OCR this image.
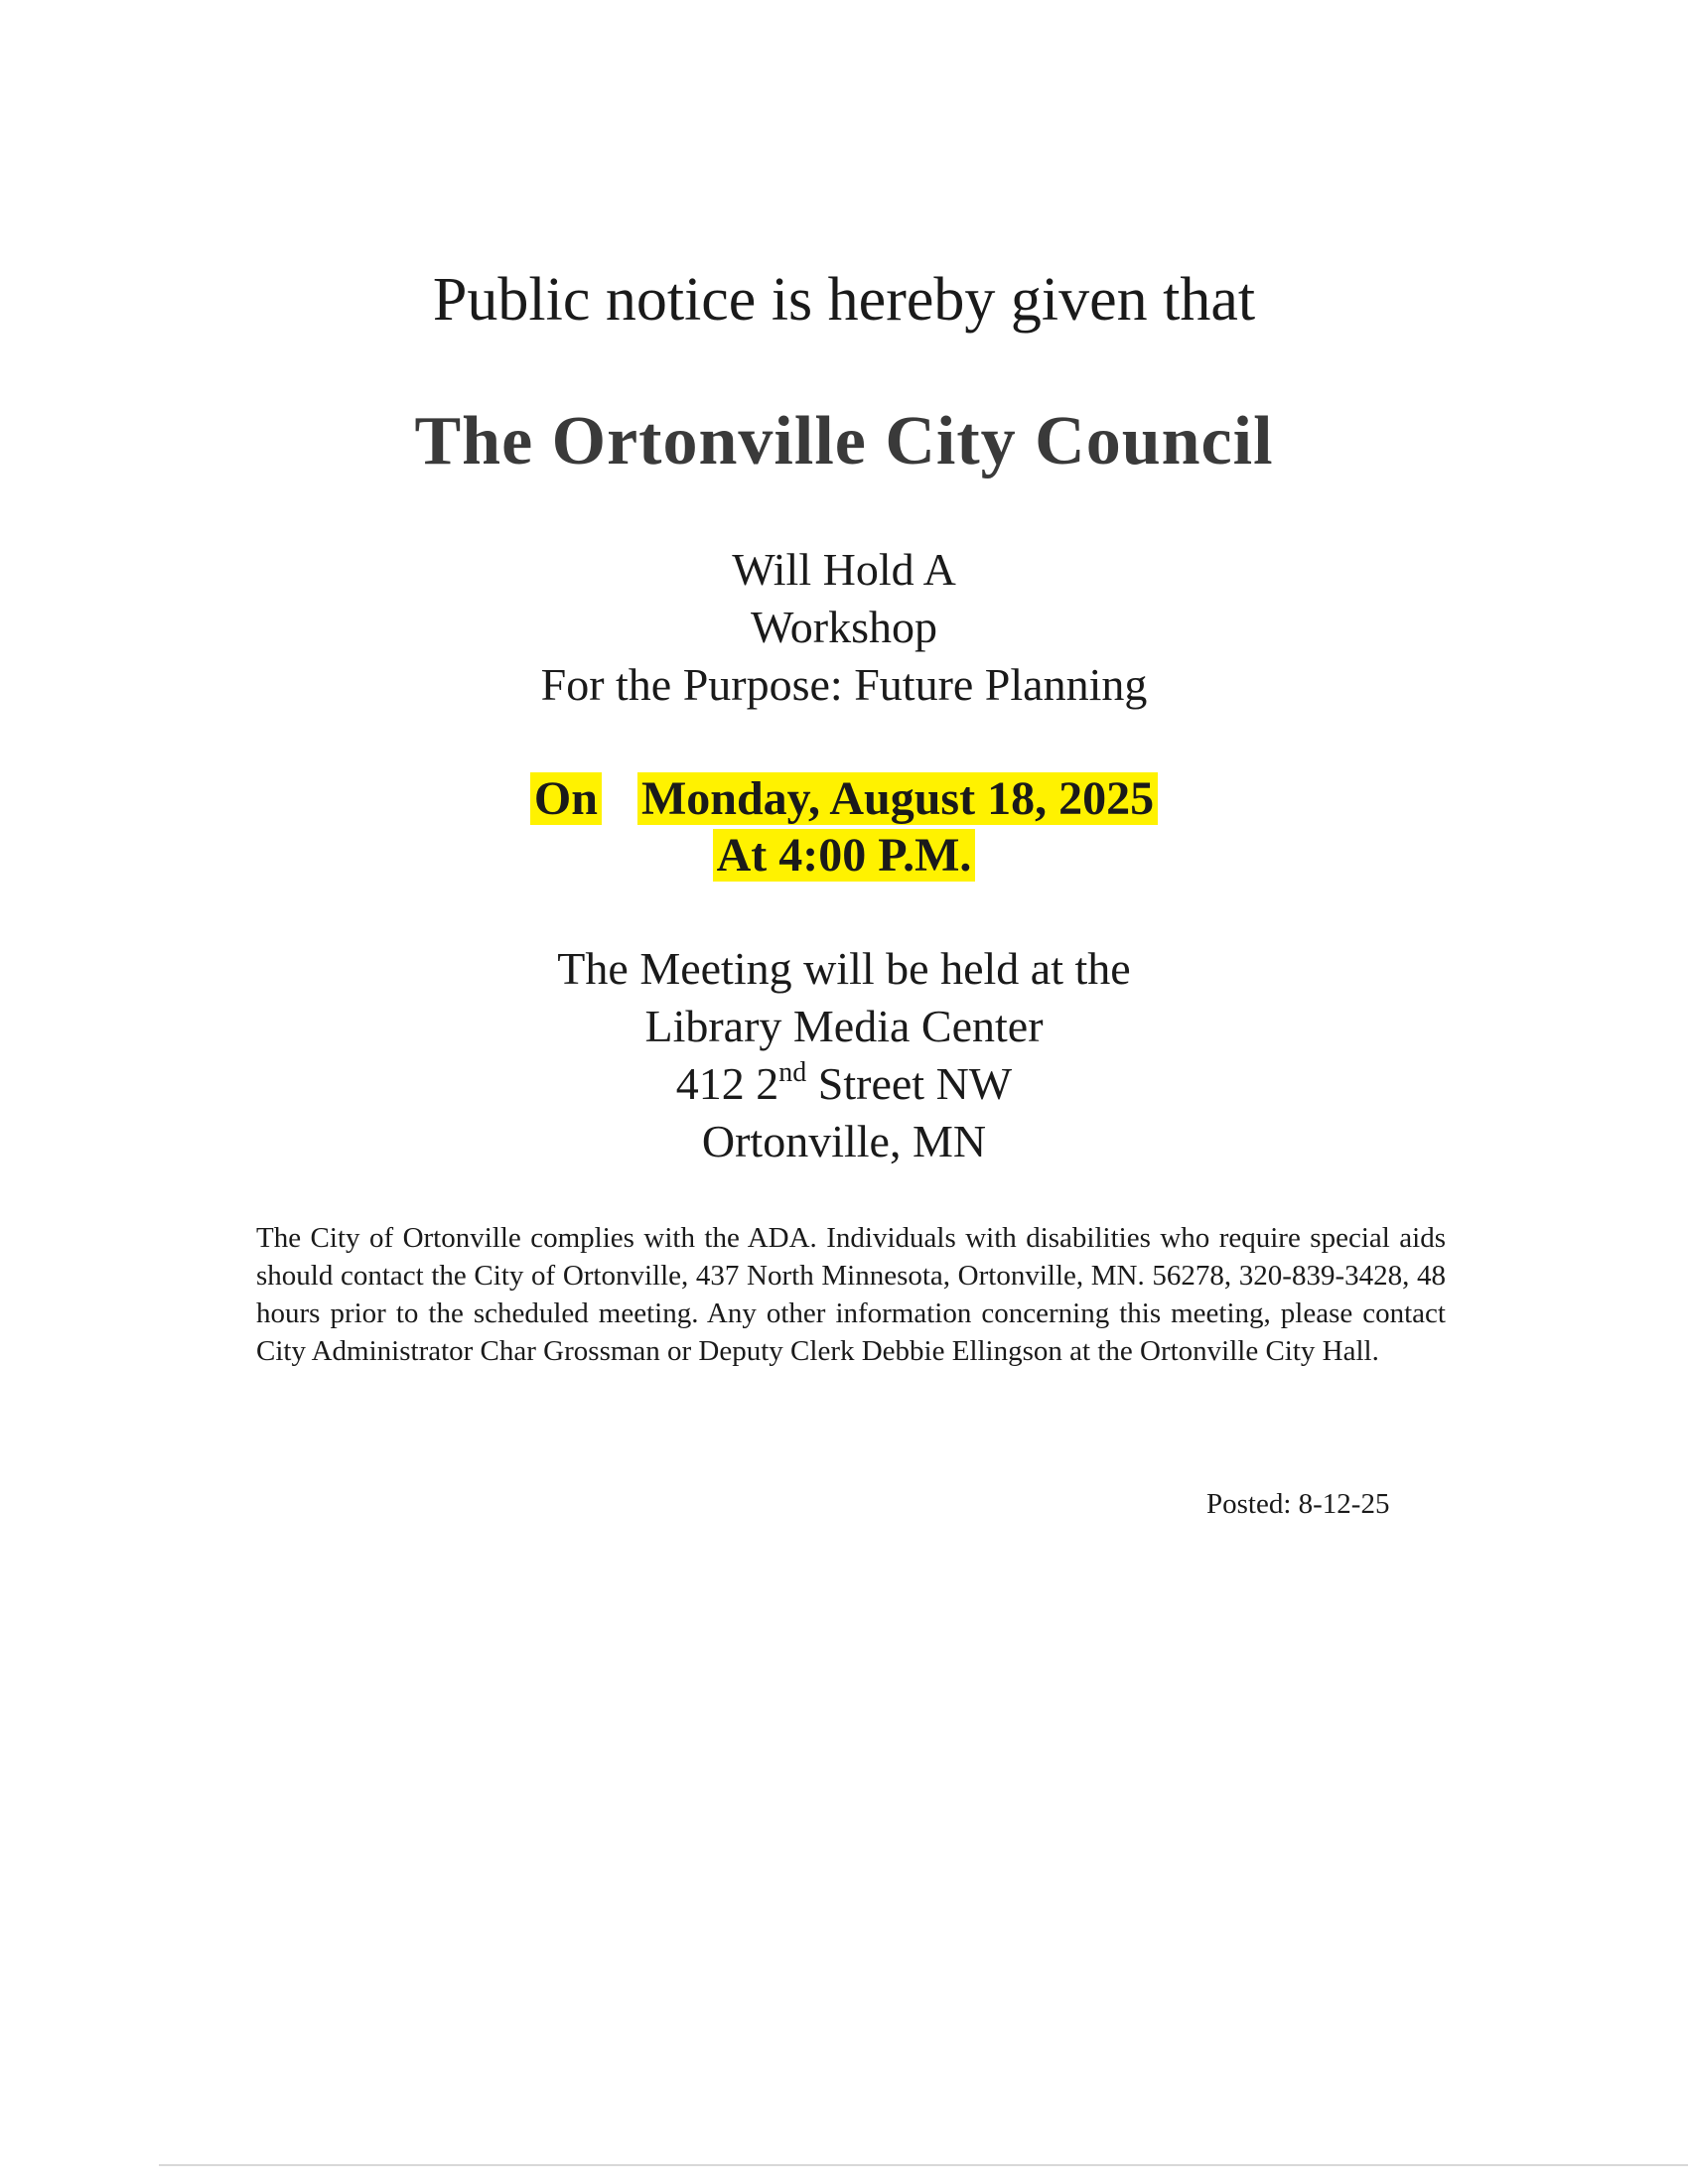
Public notice is hereby given that
The Ortonville City Council
Will Hold A
Workshop
For the Purpose: Future Planning
On Monday, August 18, 2025
At 4:00 P.M.
The Meeting will be held at the
Library Media Center
412 2nd Street NW
Ortonville, MN
The City of Ortonville complies with the ADA. Individuals with disabilities who require special aids should contact the City of Ortonville, 437 North Minnesota, Ortonville, MN. 56278, 320-839-3428, 48 hours prior to the scheduled meeting. Any other information concerning this meeting, please contact City Administrator Char Grossman or Deputy Clerk Debbie Ellingson at the Ortonville City Hall.
Posted: 8-12-25
